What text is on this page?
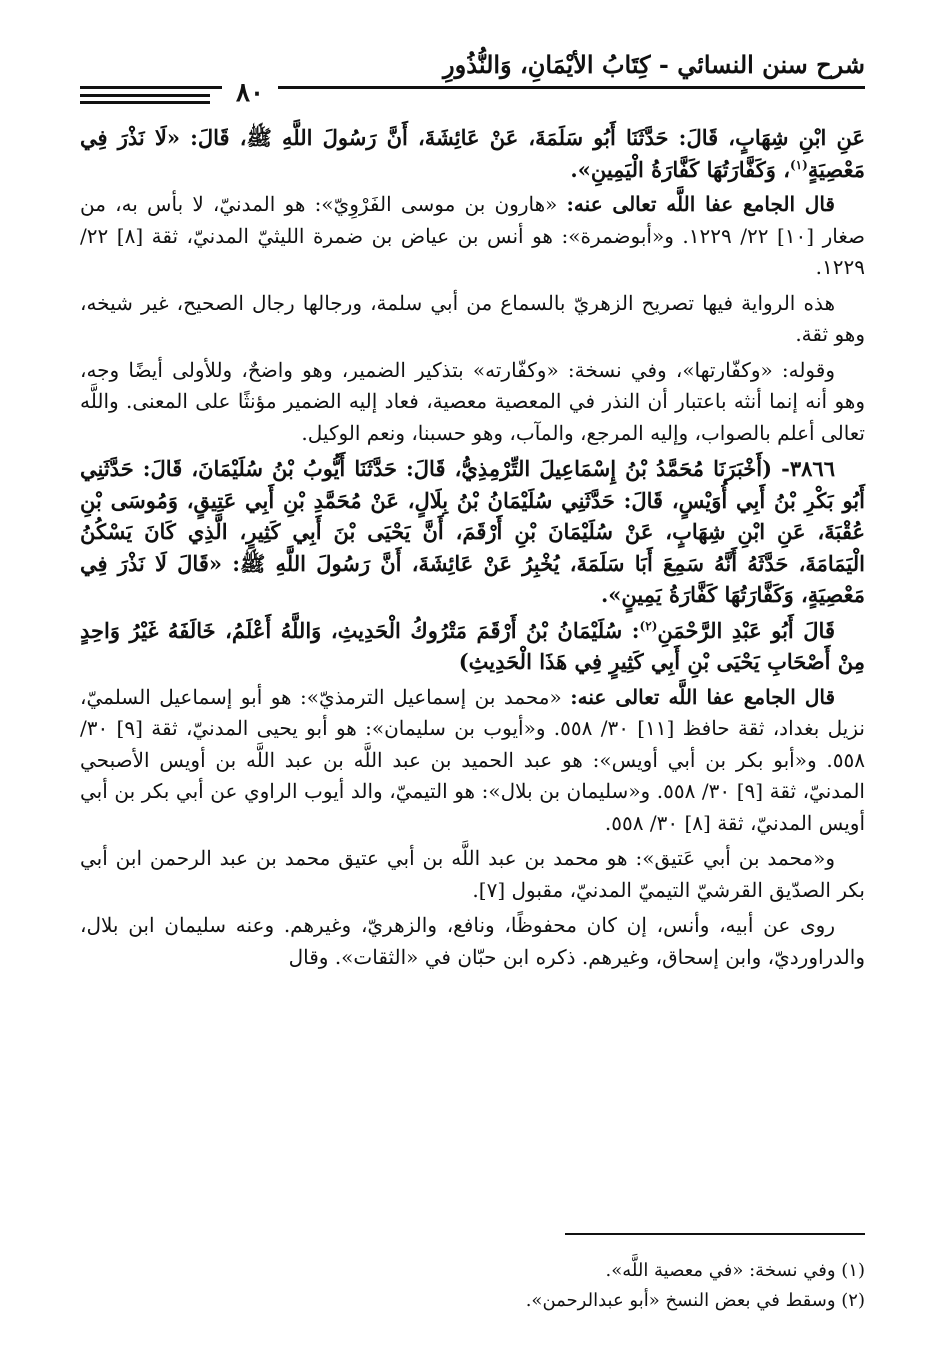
شرح سنن النسائي - كِتَابُ الأيْمَانِ، وَالنُّذُورِ
٨٠

عَنِ ابْنِ شِهَابٍ، قَالَ: حَدَّثَنَا أَبُو سَلَمَةَ، عَنْ عَائِشَةَ، أَنَّ رَسُولَ اللَّهِ ﷺ، قَالَ: «لَا نَذْرَ فِي مَعْصِيَةٍ$^{(١)}$، وَكَفَّارَتُهَا كَفَّارَةُ الْيَمِينِ».

قال الجامع عفا اللَّه تعالى عنه: «هارون بن موسى الفَرْوِيّ»: هو المدنيّ، لا بأس به، من صغار [١٠] ٢٢/ ١٢٢٩. و«أبوضمرة»: هو أنس بن عياض بن ضمرة الليثيّ المدنيّ، ثقة [٨] ٢٢/ ١٢٢٩.

هذه الرواية فيها تصريح الزهريّ بالسماع من أبي سلمة، ورجالها رجال الصحيح، غير شيخه، وهو ثقة.

وقوله: «وكفّارتها»، وفي نسخة: «وكفّارته» بتذكير الضمير، وهو واضحٌ، وللأولى أيضًا وجه، وهو أنه إنما أنثه باعتبار أن النذر في المعصية معصية، فعاد إليه الضمير مؤنثًا على المعنى. واللَّه تعالى أعلم بالصواب، وإليه المرجع، والمآب، وهو حسبنا، ونعم الوكيل.

٣٨٦٦- (أَخْبَرَنَا مُحَمَّدُ بْنُ إِسْمَاعِيلَ التِّرْمِذِيُّ، قَالَ: حَدَّثَنَا أَيُّوبُ بْنُ سُلَيْمَانَ، قَالَ: حَدَّثَنِي أَبُو بَكْرِ بْنُ أَبِي أُوَيْسٍ، قَالَ: حَدَّثَنِي سُلَيْمَانُ بْنُ بِلَالٍ، عَنْ مُحَمَّدِ بْنِ أَبِي عَتِيقٍ، وَمُوسَى بْنِ عُقْبَةَ، عَنِ ابْنِ شِهَابٍ، عَنْ سُلَيْمَانَ بْنِ أَرْقَمَ، أَنَّ يَحْيَى بْنَ أَبِي كَثِيرٍ، الَّذِي كَانَ يَسْكُنُ الْيَمَامَةَ، حَدَّثَهُ أَنَّهُ سَمِعَ أَبَا سَلَمَةَ، يُخْبِرُ عَنْ عَائِشَةَ، أَنَّ رَسُولَ اللَّهِ ﷺ: «قَالَ لَا نَذْرَ فِي مَعْصِيَةٍ، وَكَفَّارَتُهَا كَفَّارَةُ يَمِينٍ».

قَالَ أَبُو عَبْدِ الرَّحْمَنِ$^{(٢)}$: سُلَيْمَانُ بْنُ أَرْقَمَ مَتْرُوكُ الْحَدِيثِ، وَاللَّهُ أَعْلَمُ، خَالَفَهُ غَيْرُ وَاحِدٍ مِنْ أَصْحَابِ يَحْيَى بْنِ أَبِي كَثِيرٍ فِي هَذَا الْحَدِيثِ)

قال الجامع عفا اللَّه تعالى عنه: «محمد بن إسماعيل الترمذيّ»: هو أبو إسماعيل السلميّ، نزيل بغداد، ثقة حافظ [١١] ٣٠/ ٥٥٨. و«أيوب بن سليمان»: هو أبو يحيى المدنيّ، ثقة [٩] ٣٠/ ٥٥٨. و«أبو بكر بن أبي أويس»: هو عبد الحميد بن عبد اللَّه بن عبد اللَّه بن أويس الأصبحي المدنيّ، ثقة [٩] ٣٠/ ٥٥٨. و«سليمان بن بلال»: هو التيميّ، والد أيوب الراوي عن أبي بكر بن أبي أويس المدنيّ، ثقة [٨] ٣٠/ ٥٥٨.

و«محمد بن أبي عَتيق»: هو محمد بن عبد اللَّه بن أبي عتيق محمد بن عبد الرحمن ابن أبي بكر الصدّيق القرشيّ التيميّ المدنيّ، مقبول [٧].

روى عن أبيه، وأنس، إن كان محفوظًا، ونافع، والزهريّ، وغيرهم. وعنه سليمان ابن بلال، والدراورديّ، وابن إسحاق، وغيرهم. ذكره ابن حبّان في «الثقات». وقال

(١) وفي نسخة: «في معصية اللَّه».

(٢) وسقط في بعض النسخ «أبو عبدالرحمن».
